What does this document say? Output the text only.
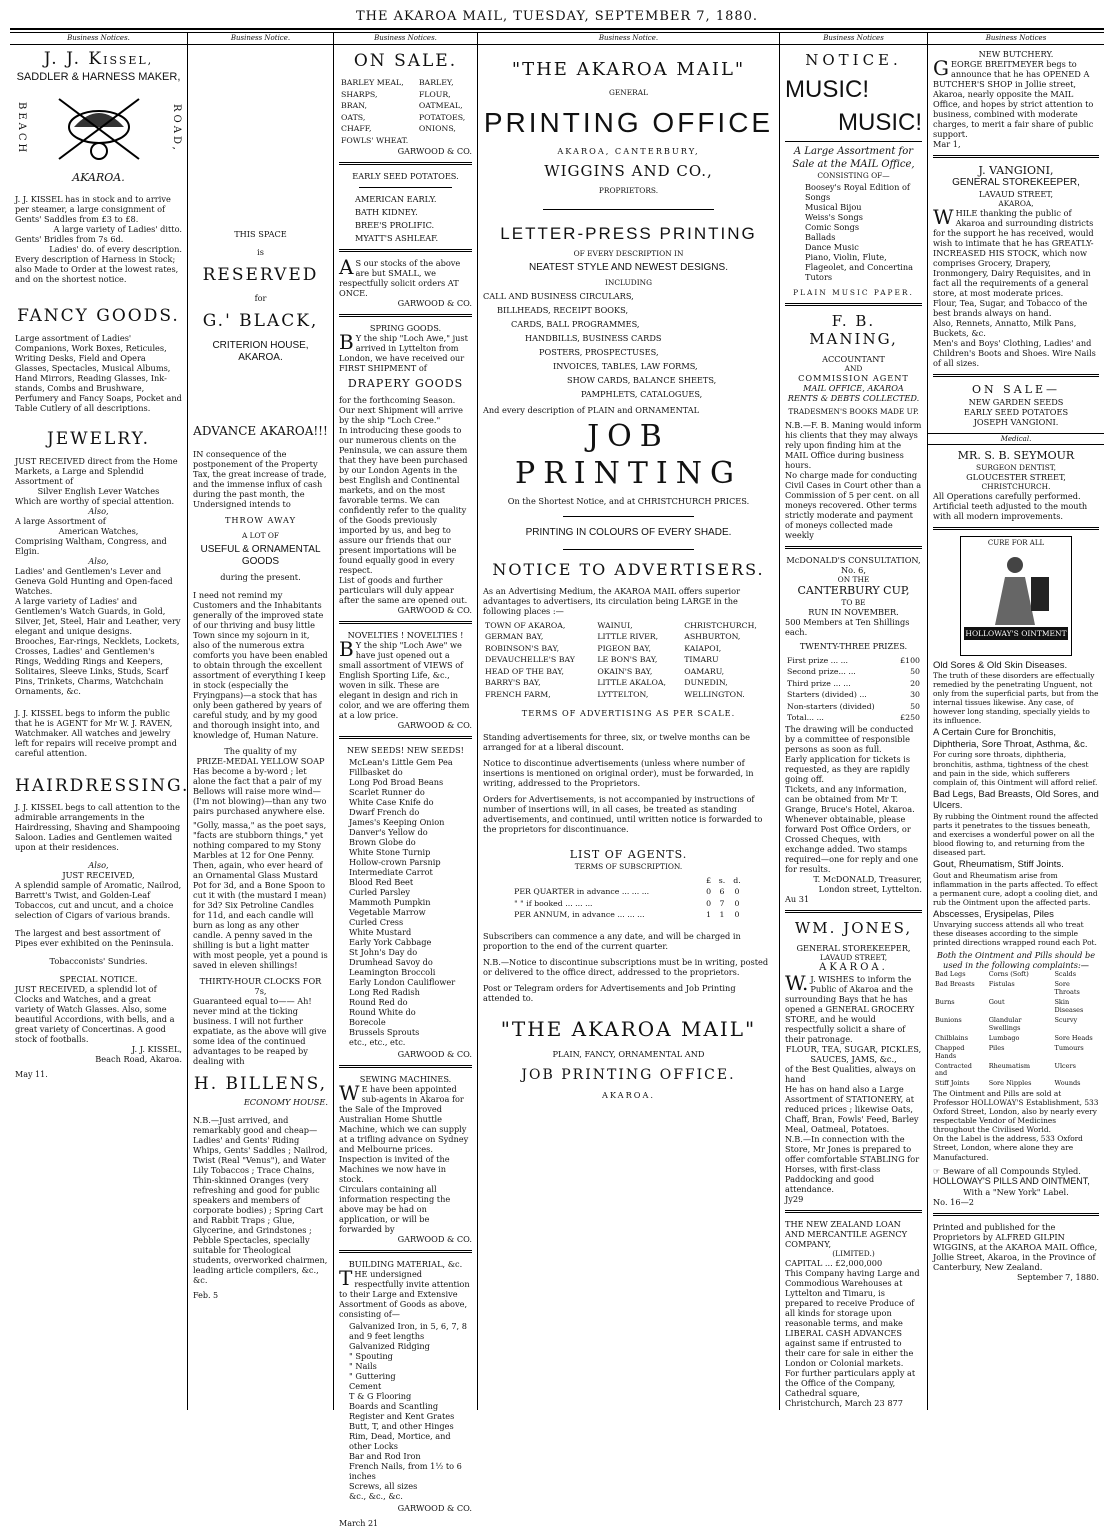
THE AKAROA MAIL, TUESDAY, SEPTEMBER 7, 1880.
Business Notices.
J. J. KISSEL,
SADDLER & HARNESS MAKER,
BEACH	ROAD,
AKAROA.
J. J. KISSEL has in stock and to arrive per steamer, a large consignment of Gents' Saddles from £3 to £8.
A large variety of Ladies' ditto.
Gents' Bridles from 7s 6d.
Ladies' do. of every description.
Every description of Harness in Stock; also Made to Order at the lowest rates, and on the shortest notice.
FANCY GOODS.
Large assortment of Ladies' Companions, Work Boxes, Reticules, Writing Desks, Field and Opera Glasses, Spectacles, Musical Albums, Hand Mirrors, Reading Glasses, Ink-stands, Combs and Brushware, Perfumery and Fancy Soaps, Pocket and Table Cutlery of all descriptions.
JEWELRY.
JUST RECEIVED direct from the Home Markets, a Large and Splendid Assortment of
Silver English Lever Watches
Which are worthy of special attention.
Also,
A large Assortment of
American Watches,
Comprising Waltham, Congress, and Elgin.
Also,
Ladies' and Gentlemen's Lever and Geneva Gold Hunting and Open-faced Watches.
A large variety of Ladies' and Gentlemen's Watch Guards, in Gold, Silver, Jet, Steel, Hair and Leather, very elegant and unique designs.
Brooches, Ear-rings, Necklets, Lockets, Crosses, Ladies' and Gentlemen's Rings, Wedding Rings and Keepers, Solitaires, Sleeve Links, Studs, Scarf Pins, Trinkets, Charms, Watchchain Ornaments, &c.
J. J. KISSEL begs to inform the public that he is AGENT for Mr W. J. RAVEN, Watchmaker. All watches and jewelry left for repairs will receive prompt and careful attention.
HAIRDRESSING.
J. J. KISSEL begs to call attention to the admirable arrangements in the Hairdressing, Shaving and Shampooing Saloon. Ladies and Gentlemen waited upon at their residences.
Also,
JUST RECEIVED,
A splendid sample of Aromatic, Nailrod, Barrett's Twist, and Golden-Leaf Tobaccos, cut and uncut, and a choice selection of Cigars of various brands.
The largest and best assortment of Pipes ever exhibited on the Peninsula.
Tobacconists' Sundries.
SPECIAL NOTICE.
JUST RECEIVED, a splendid lot of Clocks and Watches, and a great variety of Watch Glasses. Also, some beautiful Accordions, with bells, and a great variety of Concertinas. A good stock of footballs.
J. J. KISSEL,
Beach Road, Akaroa.
May 11.
Business Notice.
THIS SPACE
is
RESERVED
for
G.' BLACK,
CRITERION HOUSE, AKAROA.
ADVANCE AKAROA!!!
IN consequence of the postponement of the Property Tax, the great increase of trade, and the immense influx of cash during the past month, the Undersigned intends to
THROW AWAY
A LOT OF
USEFUL & ORNAMENTAL GOODS
during the present.
I need not remind my Customers and the Inhabitants generally of the improved state of our thriving and busy little Town since my sojourn in it, also of the numerous extra comforts you have been enabled to obtain through the excellent assortment of everything I keep in stock (especially the Fryingpans)—a stock that has only been gathered by years of careful study, and by my good and thorough insight into, and knowledge of, Human Nature.
The quality of my
PRIZE-MEDAL YELLOW SOAP
Has become a by-word ; let alone the fact that a pair of my Bellows will raise more wind—(I'm not blowing)—than any two pairs purchased anywhere else.
"Golly, massa," as the poet says, "facts are stubborn things," yet nothing compared to my Stony Marbles at 12 for One Penny. Then, again, who ever heard of an Ornamental Glass Mustard Pot for 3d, and a Bone Spoon to cut it with (the mustard I mean) for 3d? Six Petroline Candles for 11d, and each candle will burn as long as any other candle. A penny saved in the shilling is but a light matter with most people, yet a pound is saved in eleven shillings!
THIRTY-HOUR CLOCKS FOR 7s,
Guaranteed equal to—— Ah! never mind at the ticking business. I will not further expatiate, as the above will give some idea of the continued advantages to be reaped by dealing with
H. BILLENS,
ECONOMY HOUSE.
N.B.—Just arrived, and remarkably good and cheap—Ladies' and Gents' Riding Whips, Gents' Saddles ; Nailrod, Twist (Real "Venus"), and Water Lily Tobaccos ; Trace Chains, Thin-skinned Oranges (very refreshing and good for public speakers and members of corporate bodies) ; Spring Cart and Rabbit Traps ; Glue, Glycerine, and Grindstones ; Pebble Spectacles, specially suitable for Theological students, overworked chairmen, leading article compilers, &c., &c.
Feb. 5
Business Notices.
ON SALE.
BARLEY MEAL,	BARLEY,
SHARPS,	FLOUR,
BRAN,	OATMEAL,
OATS,	POTATOES,
CHAFF,	ONIONS,
FOWLS' WHEAT.	
GARWOOD & CO.
EARLY SEED POTATOES.
AMERICAN EARLY.
BATH KIDNEY.
BREE'S PROLIFIC.
MYATT'S ASHLEAF.
AS our stocks of the above are but SMALL, we respectfully solicit orders AT ONCE.
GARWOOD & CO.
SPRING GOODS.
BY the ship "Loch Awe," just arrived in Lyttelton from London, we have received our FIRST SHIPMENT of
DRAPERY GOODS
for the forthcoming Season. Our next Shipment will arrive by the ship "Loch Cree."
In introducing these goods to our numerous clients on the Peninsula, we can assure them that they have been purchased by our London Agents in the best English and Continental markets, and on the most favorable terms. We can confidently refer to the quality of the Goods previously imported by us, and beg to assure our friends that our present importations will be found equally good in every respect.
List of goods and further particulars will duly appear after the same are opened out.
GARWOOD & CO.
NOVELTIES ! NOVELTIES !
BY the ship "Loch Awe" we have just opened out a small assortment of VIEWS of English Sporting Life, &c., woven in silk. These are elegant in design and rich in color, and we are offering them at a low price.
GARWOOD & CO.
NEW SEEDS! NEW SEEDS!
McLean's Little Gem Pea
Fillbasket do
Long Pod Broad Beans
Scarlet Runner do
White Case Knife do
Dwarf French do
James's Keeping Onion
Danver's Yellow do
Brown Globe do
White Stone Turnip
Hollow-crown Parsnip
Intermediate Carrot
Blood Red Beet
Curled Parsley
Mammoth Pumpkin
Vegetable Marrow
Curled Cress
White Mustard
Early York Cabbage
St John's Day do
Drumhead Savoy do
Leamington Broccoli
Early London Cauliflower
Long Red Radish
Round Red do
Round White do
Borecole
Brussels Sprouts
etc., etc., etc.
GARWOOD & CO.
SEWING MACHINES.
WE have been appointed sub-agents in Akaroa for the Sale of the Improved Australian Home Shuttle Machine, which we can supply at a trifling advance on Sydney and Melbourne prices.
Inspection is invited of the Machines we now have in stock.
Circulars containing all information respecting the above may be had on application, or will be forwarded by
GARWOOD & CO.
BUILDING MATERIAL, &c.
THE undersigned respectfully invite attention to their Large and Extensive Assortment of Goods as above, consisting of—
Galvanized Iron, in 5, 6, 7, 8 and 9 feet lengths
Galvanized Ridging
" Spouting
" Nails
" Guttering
Cement
T & G Flooring
Boards and Scantling
Register and Kent Grates
Butt, T, and other Hinges
Rim, Dead, Mortice, and other Locks
Bar and Rod Iron
French Nails, from 1½ to 6 inches
Screws, all sizes
&c., &c., &c.
GARWOOD & CO.
March 21
Business Notice.
"THE AKAROA MAIL"
GENERAL
PRINTING OFFICE
AKAROA, CANTERBURY,
WIGGINS AND CO.,
PROPRIETORS.
LETTER-PRESS PRINTING
OF EVERY DESCRIPTION IN
NEATEST STYLE AND NEWEST DESIGNS.
INCLUDING
CALL AND BUSINESS CIRCULARS,
BILLHEADS, RECEIPT BOOKS,
CARDS, BALL PROGRAMMES,
HANDBILLS, BUSINESS CARDS
POSTERS, PROSPECTUSES,
INVOICES, TABLES, LAW FORMS,
SHOW CARDS, BALANCE SHEETS,
PAMPHLETS, CATALOGUES,
And every description of PLAIN and ORNAMENTAL
JOB PRINTING
On the Shortest Notice, and at CHRISTCHURCH PRICES.
PRINTING IN COLOURS OF EVERY SHADE.
NOTICE TO ADVERTISERS.
As an Advertising Medium, the AKAROA MAIL offers superior advantages to advertisers, its circulation being LARGE in the following places :—
TOWN OF AKAROA,	WAINUI,	CHRISTCHURCH,
GERMAN BAY,	LITTLE RIVER,	ASHBURTON,
ROBINSON'S BAY,	PIGEON BAY,	KAIAPOI,
DEVAUCHELLE'S BAY	LE BON'S BAY,	TIMARU
HEAD OF THE BAY,	OKAIN'S BAY,	OAMARU,
BARRY'S BAY,	LITTLE AKALOA,	DUNEDIN,
FRENCH FARM,	LYTTELTON,	WELLINGTON.
TERMS OF ADVERTISING AS PER SCALE.
Standing advertisements for three, six, or twelve months can be arranged for at a liberal discount.
Notice to discontinue advertisements (unless where number of insertions is mentioned on original order), must be forwarded, in writing, addressed to the Proprietors.
Orders for Advertisements, is not accompanied by instructions of number of insertions will, in all cases, be treated as standing advertisements, and continued, until written notice is forwarded to the proprietors for discontinuance.
LIST OF AGENTS.
TERMS OF SUBSCRIPTION.
	£	s.	d.
PER QUARTER in advance ... ... ...	0	6	0
" " if booked ... ... ...	0	7	0
PER ANNUM, in advance ... ... ...	1	1	0
Subscribers can commence a any date, and will be charged in proportion to the end of the current quarter.
N.B.—Notice to discontinue subscriptions must be in writing, posted or delivered to the office direct, addressed to the proprietors.
Post or Telegram orders for Advertisements and Job Printing attended to.
"THE AKAROA MAIL"
PLAIN, FANCY, ORNAMENTAL AND
JOB PRINTING OFFICE.
AKAROA.
Business Notices
NOTICE.
MUSIC!
MUSIC!
A Large Assortment for Sale at the MAIL Office,
CONSISTING OF—
Boosey's Royal Edition of Songs
Musical Bijou
Weiss's Songs
Comic Songs
Ballads
Dance Music
Piano, Violin, Flute, Flageolet, and Concertina Tutors
PLAIN MUSIC PAPER.
F. B. MANING,
ACCOUNTANT
AND
COMMISSION AGENT
MAIL OFFICE, AKAROA
RENTS & DEBTS COLLECTED.
TRADESMEN'S BOOKS MADE UP.
N.B.—F. B. Maning would inform his clients that they may always rely upon finding him at the MAIL Office during business hours.
No charge made for conducting Civil Cases in Court other than a Commission of 5 per cent. on all moneys recovered. Other terms strictly moderate and payment of moneys collected made weekly
McDONALD'S CONSULTATION, No. 6,
ON THE
CANTERBURY CUP,
TO BE
RUN IN NOVEMBER.
500 Members at Ten Shillings each.
TWENTY-THREE PRIZES.
First prize ... ...	£100
Second prize... ...	50
Third prize ... ...	20
Starters (divided) ...	30
Non-starters (divided)	50
Total... ...	£250
The drawing will be conducted by a committee of responsible persons as soon as full.
Early application for tickets is requested, as they are rapidly going off.
Tickets, and any information, can be obtained from Mr T. Grange, Bruce's Hotel, Akaroa.
Whenever obtainable, please forward Post Office Orders, or Crossed Cheques, with exchange added. Two stamps required—one for reply and one for results.
T. McDONALD, Treasurer,
London street, Lyttelton.
Au 31
WM. JONES,
GENERAL STOREKEEPER,
LAVAUD STREET,
AKAROA.
W.J. WISHES to inform the Public of Akaroa and the surrounding Bays that he has opened a GENERAL GROCERY STORE, and he would respectfully solicit a share of their patronage.
FLOUR, TEA, SUGAR, PICKLES, SAUCES, JAMS, &c.,
of the Best Qualities, always on hand
He has on hand also a Large Assortment of STATIONERY, at reduced prices ; likewise Oats, Chaff, Bran, Fowls' Feed, Barley Meal, Oatmeal, Potatoes.
N.B.—In connection with the Store, Mr Jones is prepared to offer comfortable STABLING for Horses, with first-class Paddocking and good attendance.
Jy29
THE NEW ZEALAND LOAN AND MERCANTILE AGENCY COMPANY,
(LIMITED.)
CAPITAL ... £2,000,000
This Company having Large and Commodious Warehouses at Lyttelton and Timaru, is prepared to receive Produce of all kinds for storage upon reasonable terms, and make LIBERAL CASH ADVANCES against same if entrusted to their care for sale in either the London or Colonial markets.
For further particulars apply at the Office of the Company, Cathedral square,
Christchurch, March 23 877
Business Notices
NEW BUTCHERY.
GEORGE BREITMEYER begs to announce that he has OPENED A BUTCHER'S SHOP in Jollie street, Akaroa, nearly opposite the MAIL Office, and hopes by strict attention to business, combined with moderate charges, to merit a fair share of public support.
Mar 1,
J. VANGIONI,
GENERAL STOREKEEPER,
LAVAUD STREET,
AKAROA,
WHILE thanking the public of Akaroa and surrounding districts for the support he has received, would wish to intimate that he has GREATLY-INCREASED HIS STOCK, which now comprises Grocery, Drapery, Ironmongery, Dairy Requisites, and in fact all the requirements of a general store, at most moderate prices.
Flour, Tea, Sugar, and Tobacco of the best brands always on hand.
Also, Rennets, Annatto, Milk Pans, Buckets, &c.
Men's and Boys' Clothing, Ladies' and Children's Boots and Shoes. Wire Nails of all sizes.
ON SALE—
NEW GARDEN SEEDS
EARLY SEED POTATOES
JOSEPH VANGIONI.
Medical.
MR. S. B. SEYMOUR
SURGEON DENTIST,
GLOUCESTER STREET,
CHRISTCHURCH.
All Operations carefully performed.
Artificial teeth adjusted to the mouth with all modern improvements.
CURE FOR ALL
HOLLOWAY'S OINTMENT
Old Sores & Old Skin Diseases.
The truth of these disorders are effectually remedied by the penetrating Unguent, not only from the superficial parts, but from the internal tissues likewise. Any case, of however long standing, specially yields to its influence.
A Certain Cure for Bronchitis, Diphtheria, Sore Throat, Asthma, &c.
For curing sore throats, diphtheria, bronchitis, asthma, tightness of the chest and pain in the side, which sufferers complain of, this Ointment will afford relief.
Bad Legs, Bad Breasts, Old Sores, and Ulcers.
By rubbing the Ointment round the affected parts it penetrates to the tissues beneath, and exercises a wonderful power on all the blood flowing to, and returning from the diseased part.
Gout, Rheumatism, Stiff Joints.
Gout and Rheumatism arise from inflammation in the parts affected. To effect a permanent cure, adopt a cooling diet, and rub the Ointment upon the affected parts.
Abscesses, Erysipelas, Piles
Unvarying success attends all who treat these diseases according to the simple printed directions wrapped round each Pot.
Both the Ointment and Pills should be used in the following complaints:—
Bad Legs	Corns (Soft)	Scalds
Bad Breasts	Fistulas	Sore Throats
Burns	Gout	Skin Diseases
Bunions	Glandular Swellings	Scurvy
Chilblains	Lumbago	Sore Heads
Chapped Hands	Piles	Tumours
Contracted and	Rheumatism	Ulcers
Stiff Joints	Sore Nipples	Wounds
The Ointment and Pills are sold at Professor HOLLOWAY'S Establishment, 533 Oxford Street, London, also by nearly every respectable Vendor of Medicines throughout the Civilised World.
On the Label is the address, 533 Oxford Street, London, where alone they are Manufactured.
☞ Beware of all Compounds Styled.
HOLLOWAY'S PILLS AND OINTMENT,
With a "New York" Label.
No. 16—2
Printed and published for the Proprietors by ALFRED GILPIN WIGGINS, at the AKAROA MAIL Office, Jollie Street, Akaroa, in the Province of Canterbury, New Zealand.
September 7, 1880.
